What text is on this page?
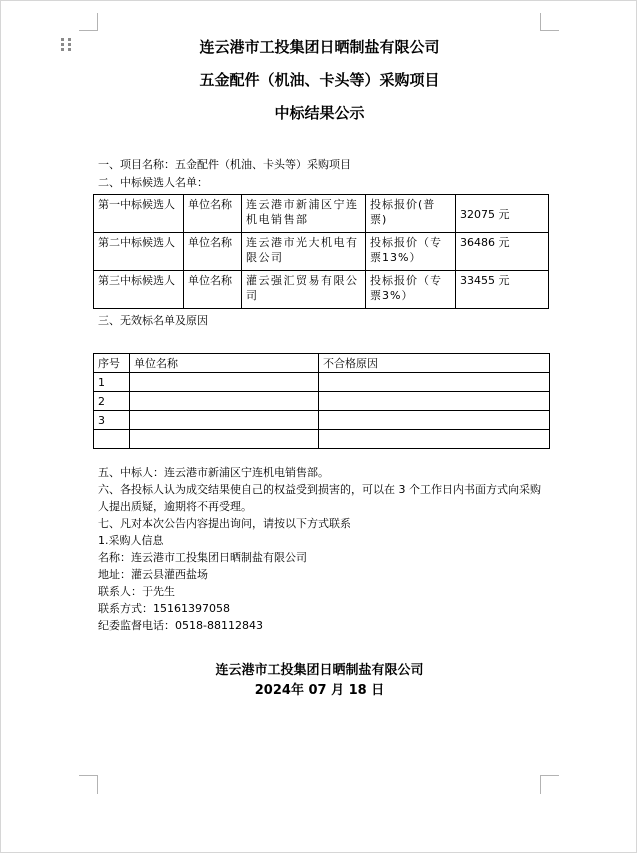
连云港市工投集团日晒制盐有限公司
五金配件（机油、卡头等）采购项目
中标结果公示
一、项目名称：五金配件（机油、卡头等）采购项目
二、中标候选人名单：
第一中标候选人	单位名称	连云港市新浦区宁连机电销售部	投标报价(普票)	32075 元
第二中标候选人	单位名称	连云港市光大机电有限公司	投标报价（专票13%）	36486 元
第三中标候选人	单位名称	灌云强汇贸易有限公司	投标报价（专票3%）	33455 元
三、无效标名单及原因
序号	单位名称	不合格原因
1		
2		
3		

五、中标人：连云港市新浦区宁连机电销售部。
六、各投标人认为成交结果使自己的权益受到损害的，可以在 3 个工作日内书面方式向采购人提出质疑，逾期将不再受理。
七、凡对本次公告内容提出询问，请按以下方式联系
1.采购人信息
名称：连云港市工投集团日晒制盐有限公司
地址：灌云县灌西盐场
联系人：于先生
联系方式：15161397058
纪委监督电话：0518-88112843
连云港市工投集团日晒制盐有限公司
2024年 07 月 18 日
